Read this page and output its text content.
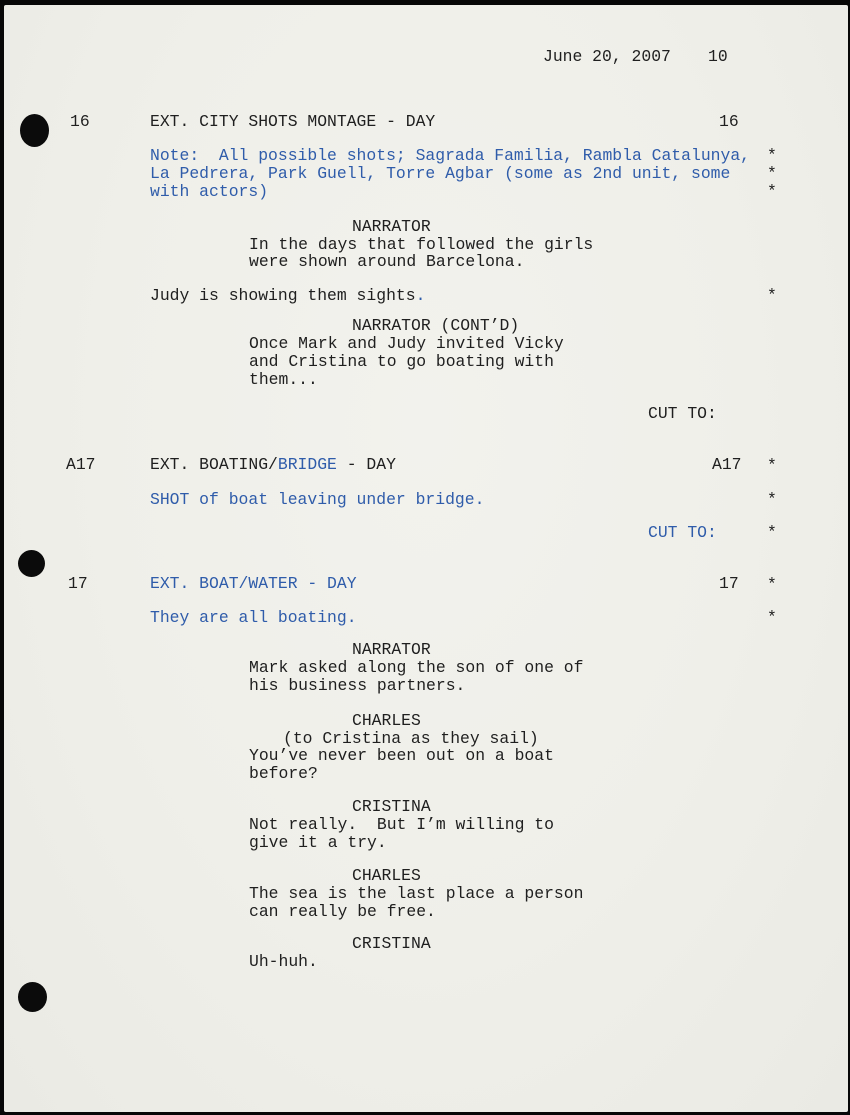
June 20, 2007 10
16	EXT. CITY SHOTS MONTAGE - DAY	16
Note:  All possible shots; Sagrada Familia, Rambla Catalunya,
La Pedrera, Park Guell, Torre Agbar (some as 2nd unit, some
with actors)
*
*
*
NARRATOR
In the days that followed the girls
were shown around Barcelona.
Judy is showing them sights.	*
NARRATOR (CONT’D)
Once Mark and Judy invited Vicky
and Cristina to go boating with
them...
CUT TO:
A17	EXT. BOATING/BRIDGE - DAY	A17 *
SHOT of boat leaving under bridge.	*
CUT TO:	*
17	EXT. BOAT/WATER - DAY	17 *
They are all boating.	*
NARRATOR
Mark asked along the son of one of
his business partners.
CHARLES
(to Cristina as they sail)
You’ve never been out on a boat
before?
CRISTINA
Not really.  But I’m willing to
give it a try.
CHARLES
The sea is the last place a person
can really be free.
CRISTINA
Uh-huh.
